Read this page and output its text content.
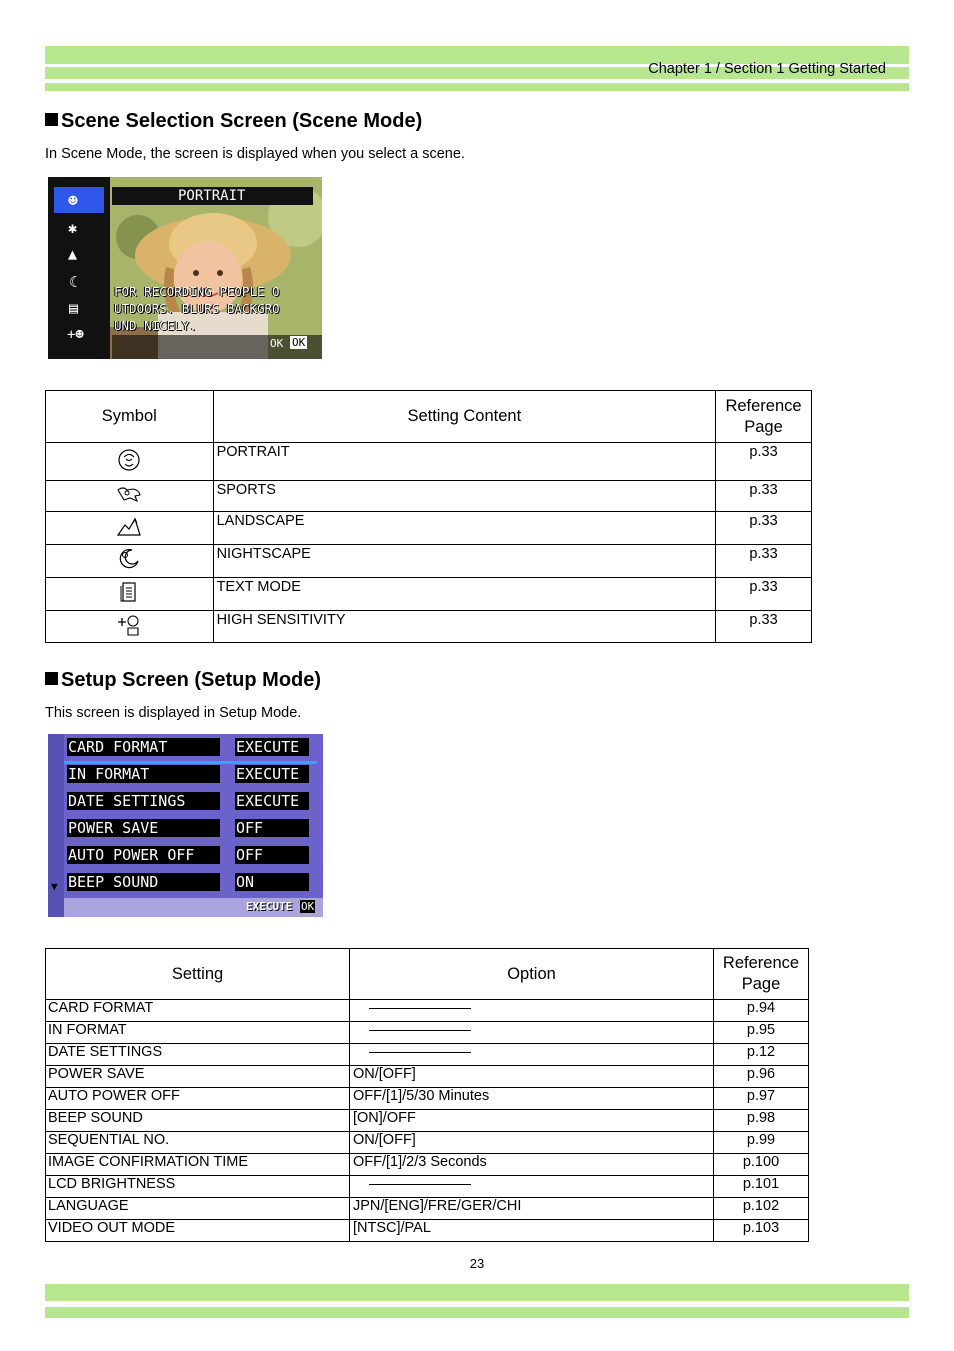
Chapter 1 / Section 1 Getting Started
Scene Selection Screen (Scene Mode)

In Scene Mode, the screen is displayed when you select a scene.

☻
✱
▲
☾
▤
+☻
PORTRAIT
FOR RECORDING PEOPLE O
UTDOORS. BLURS BACKGRO
UND NICELY.
OK OK
Symbol	Setting Content	Reference
Page
	PORTRAIT	p.33
	SPORTS	p.33
	LANDSCAPE	p.33
	NIGHTSCAPE	p.33
	TEXT MODE	p.33
	HIGH SENSITIVITY	p.33
Setup Screen (Setup Mode)

This screen is displayed in Setup Mode.

▼
CARD FORMAT	EXECUTE
IN FORMAT	EXECUTE
DATE SETTINGS	EXECUTE
POWER SAVE	OFF
AUTO POWER OFF	OFF
BEEP SOUND	ON
EXECUTE OK
Setting	Option	Reference
Page
CARD FORMAT		p.94
IN FORMAT		p.95
DATE SETTINGS		p.12
POWER SAVE	ON/[OFF]	p.96
AUTO POWER OFF	OFF/[1]/5/30 Minutes	p.97
BEEP SOUND	[ON]/OFF	p.98
SEQUENTIAL NO.	ON/[OFF]	p.99
IMAGE CONFIRMATION TIME	OFF/[1]/2/3 Seconds	p.100
LCD BRIGHTNESS		p.101
LANGUAGE	JPN/[ENG]/FRE/GER/CHI	p.102
VIDEO OUT MODE	[NTSC]/PAL	p.103
23
